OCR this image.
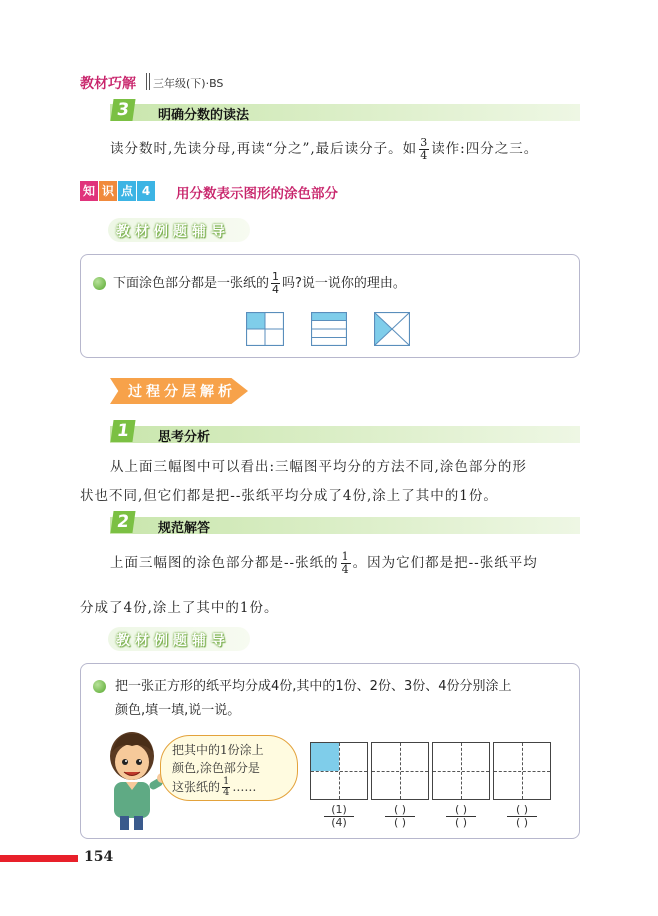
教材巧解 三年级(下)·BS
3	明确分数的读法
读分数时,先读分母,再读“分之”,最后读分子。如 $\frac{3}{4}$ 读作:四分之三。
知 识 点 4	用分数表示图形的涂色部分
教材例题辅导
下面涂色部分都是一张纸的 $\frac{1}{4}$ 吗?说一说你的理由。
过程分层解析
1	思考分析
从上面三幅图中可以看出:三幅图平均分的方法不同,涂色部分的形
状也不同,但它们都是把--张纸平均分成了4份,涂上了其中的1份。
2	规范解答
上面三幅图的涂色部分都是--张纸的 $\frac{1}{4}$ 。因为它们都是把--张纸平均
分成了4份,涂上了其中的1份。
教材例题辅导
把一张正方形的纸平均分成4份,其中的1份、2份、3份、4份分别涂上
颜色,填一填,说一说。
把其中的1份涂上
颜色,涂色部分是
这张纸的 $\frac{1}{4}$ ……
(1)
(4)
( )
( )
( )
( )
( )
( )
154
